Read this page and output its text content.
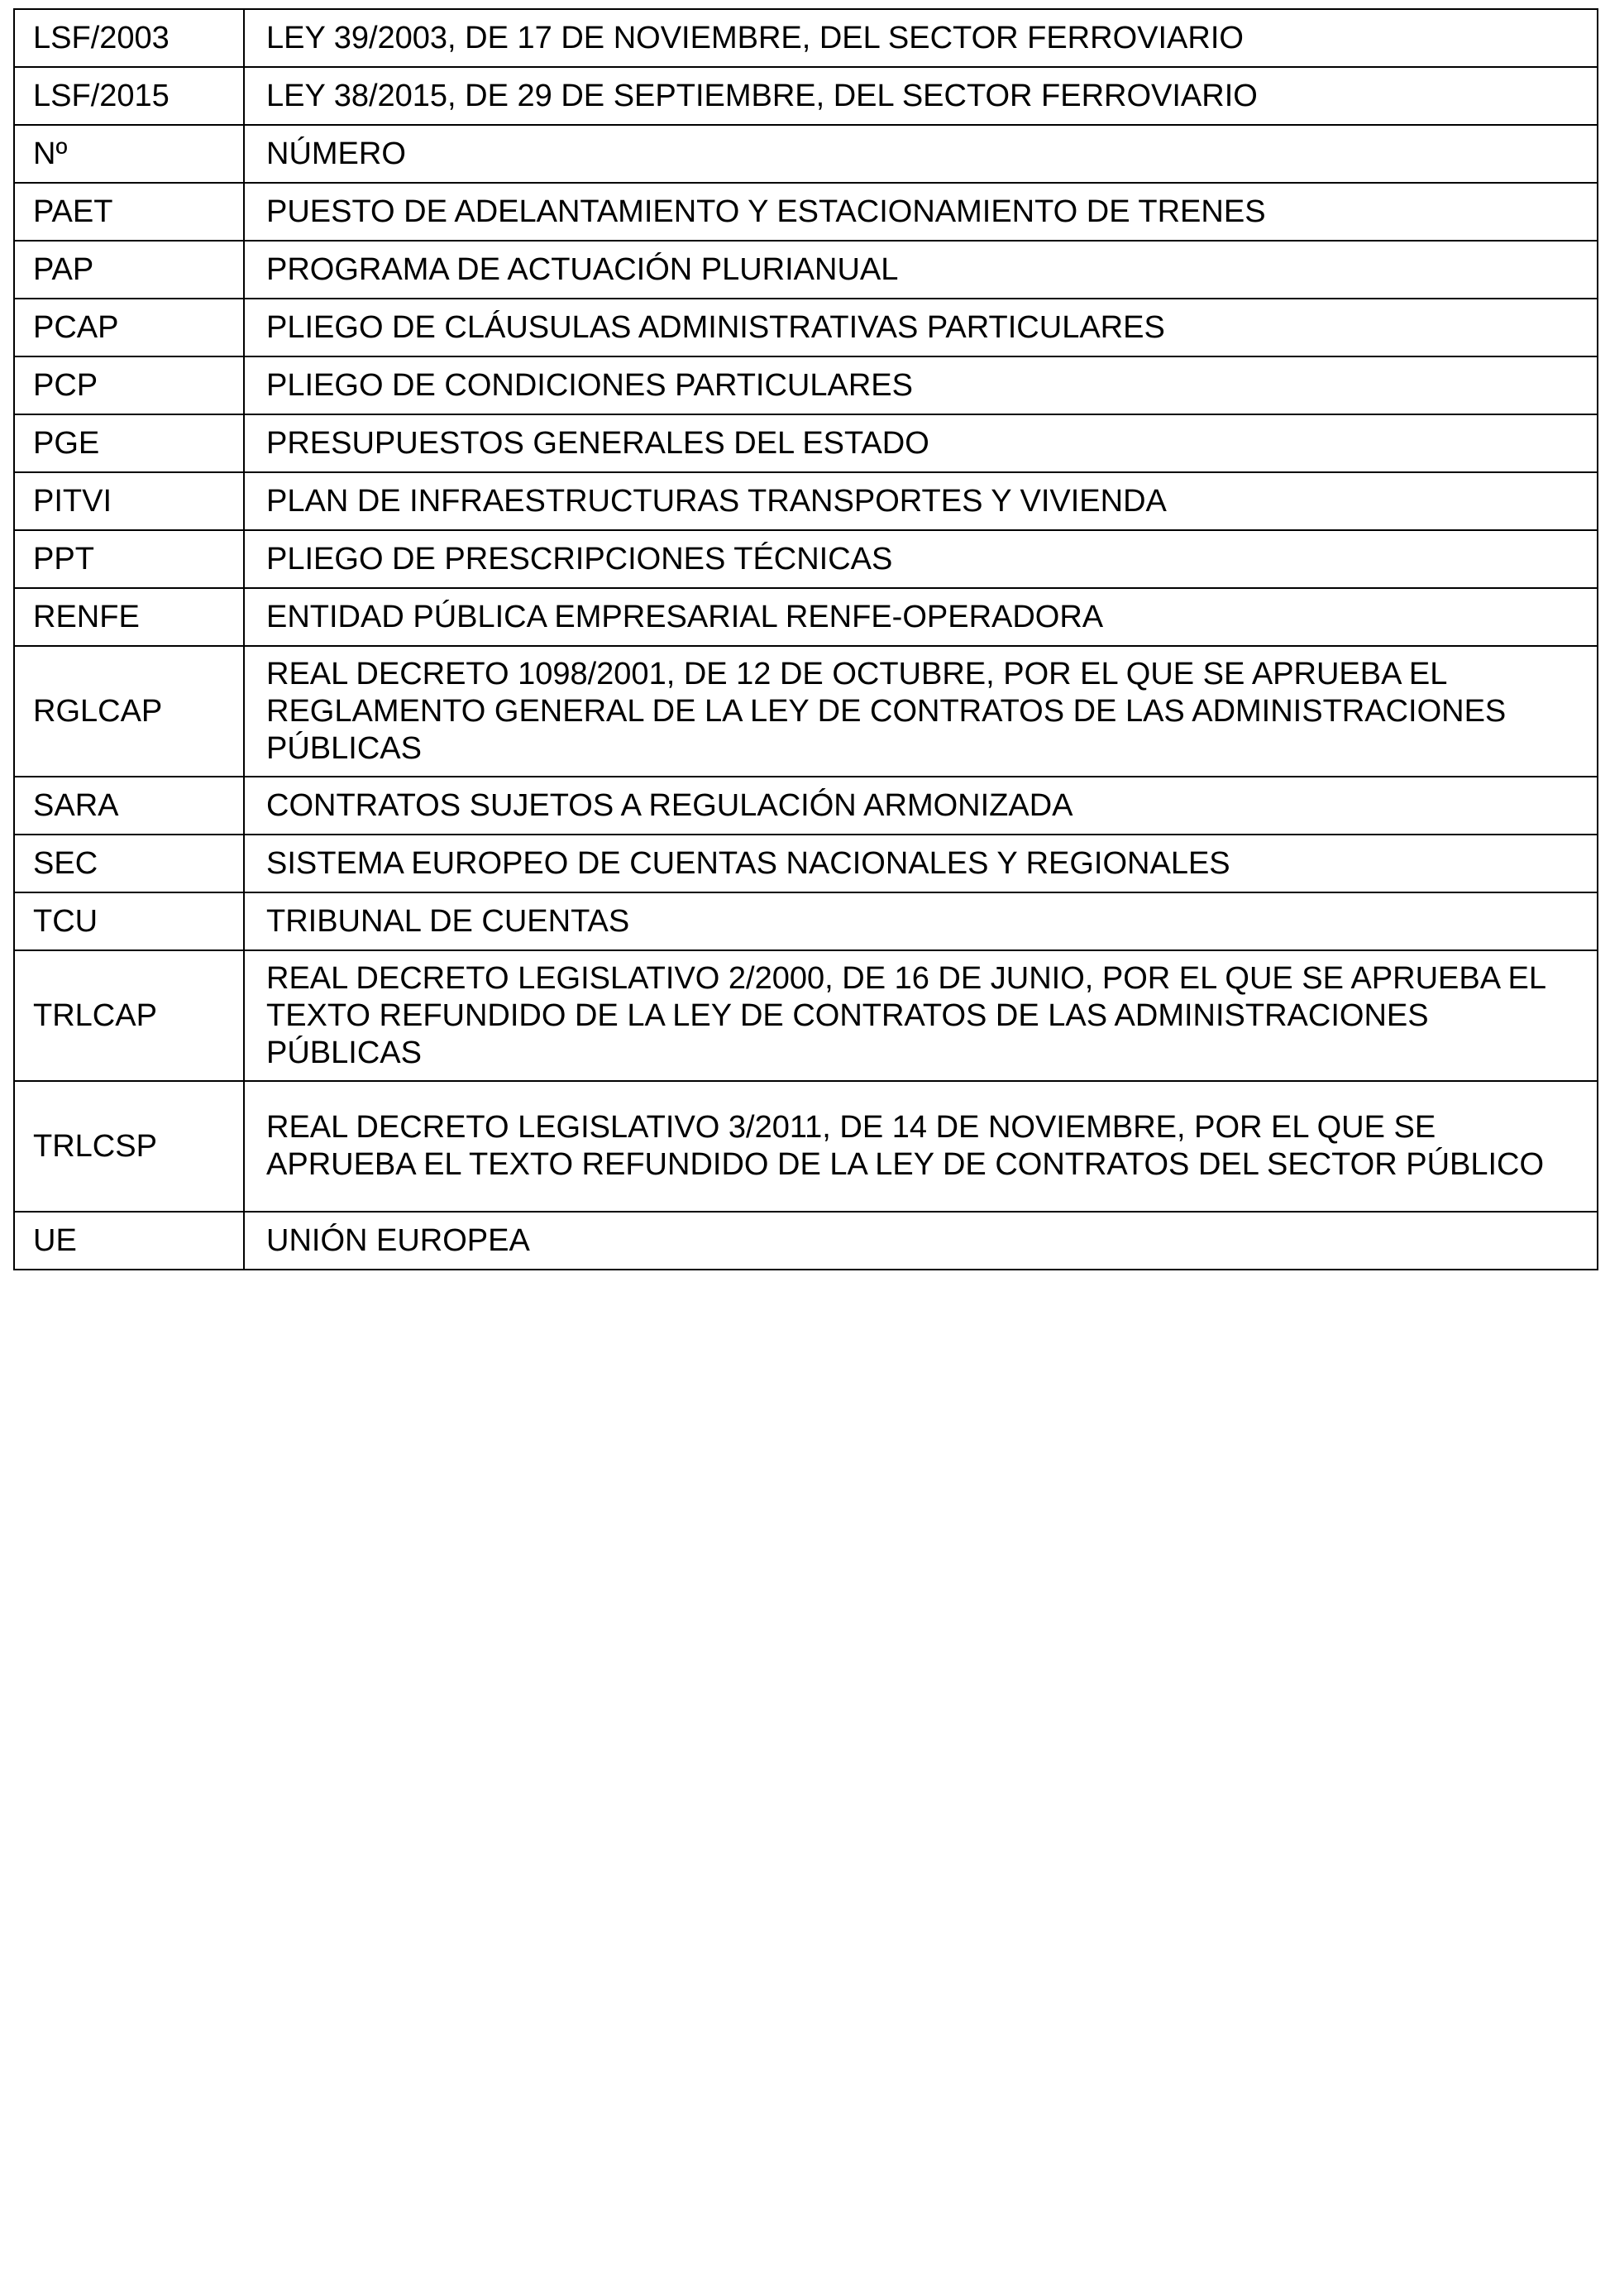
LSF/2003	LEY 39/2003, DE 17 DE NOVIEMBRE, DEL SECTOR FERROVIARIO
LSF/2015	LEY 38/2015, DE 29 DE SEPTIEMBRE, DEL SECTOR FERROVIARIO
Nº	NÚMERO
PAET	PUESTO DE ADELANTAMIENTO Y ESTACIONAMIENTO DE TRENES
PAP	PROGRAMA DE ACTUACIÓN PLURIANUAL
PCAP	PLIEGO DE CLÁUSULAS ADMINISTRATIVAS PARTICULARES
PCP	PLIEGO DE CONDICIONES PARTICULARES
PGE	PRESUPUESTOS GENERALES DEL ESTADO
PITVI	PLAN DE INFRAESTRUCTURAS TRANSPORTES Y VIVIENDA
PPT	PLIEGO DE PRESCRIPCIONES TÉCNICAS
RENFE	ENTIDAD PÚBLICA EMPRESARIAL RENFE-OPERADORA
RGLCAP	REAL DECRETO 1098/2001, DE 12 DE OCTUBRE, POR EL QUE SE APRUEBA EL REGLAMENTO GENERAL DE LA LEY DE CONTRATOS DE LAS ADMINISTRACIONES PÚBLICAS
SARA	CONTRATOS SUJETOS A REGULACIÓN ARMONIZADA
SEC	SISTEMA EUROPEO DE CUENTAS NACIONALES Y REGIONALES
TCU	TRIBUNAL DE CUENTAS
TRLCAP	REAL DECRETO LEGISLATIVO 2/2000, DE 16 DE JUNIO, POR EL QUE SE APRUEBA EL TEXTO REFUNDIDO DE LA LEY DE CONTRATOS DE LAS ADMINISTRACIONES PÚBLICAS
TRLCSP	REAL DECRETO LEGISLATIVO 3/2011, DE 14 DE NOVIEMBRE, POR EL QUE SE APRUEBA EL TEXTO REFUNDIDO DE LA LEY DE CONTRATOS DEL SECTOR PÚBLICO
UE	UNIÓN EUROPEA
